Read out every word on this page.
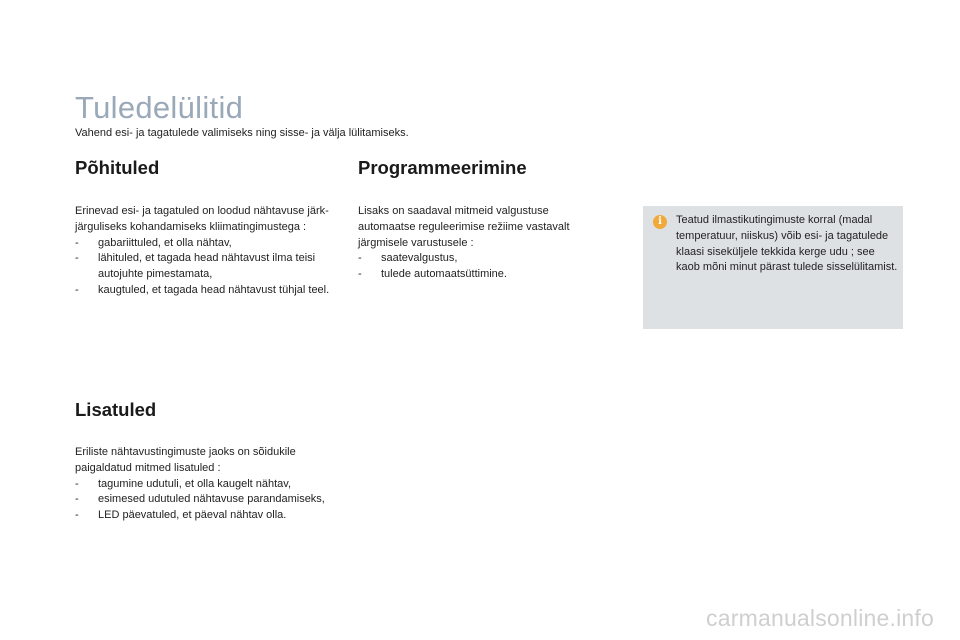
Tuledelülitid
Vahend esi- ja tagatulede valimiseks ning sisse- ja välja lülitamiseks.
Põhituled

Erinevad esi- ja tagatuled on loodud nähtavuse järk-järguliseks kohandamiseks kliimatingimustega :

- gabariittuled, et olla nähtav,
- lähituled, et tagada head nähtavust ilma teisi autojuhte pimestamata,
- kaugtuled, et tagada head nähtavust tühjal teel.
Programmeerimine

Lisaks on saadaval mitmeid valgustuse automaatse reguleerimise režiime vastavalt järgmisele varustusele :

- saatevalgustus,
- tulede automaatsüttimine.
i	Teatud ilmastikutingimuste korral (madal temperatuur, niiskus) võib esi- ja tagatulede klaasi siseküljele tekkida kerge udu ; see kaob mõni minut pärast tulede sisselülitamist.
Lisatuled

Eriliste nähtavustingimuste jaoks on sõidukile paigaldatud mitmed lisatuled :

- tagumine udutuli, et olla kaugelt nähtav,
- esimesed udutuled nähtavuse parandamiseks,
- LED päevatuled, et päeval nähtav olla.
carmanualsonline.info
